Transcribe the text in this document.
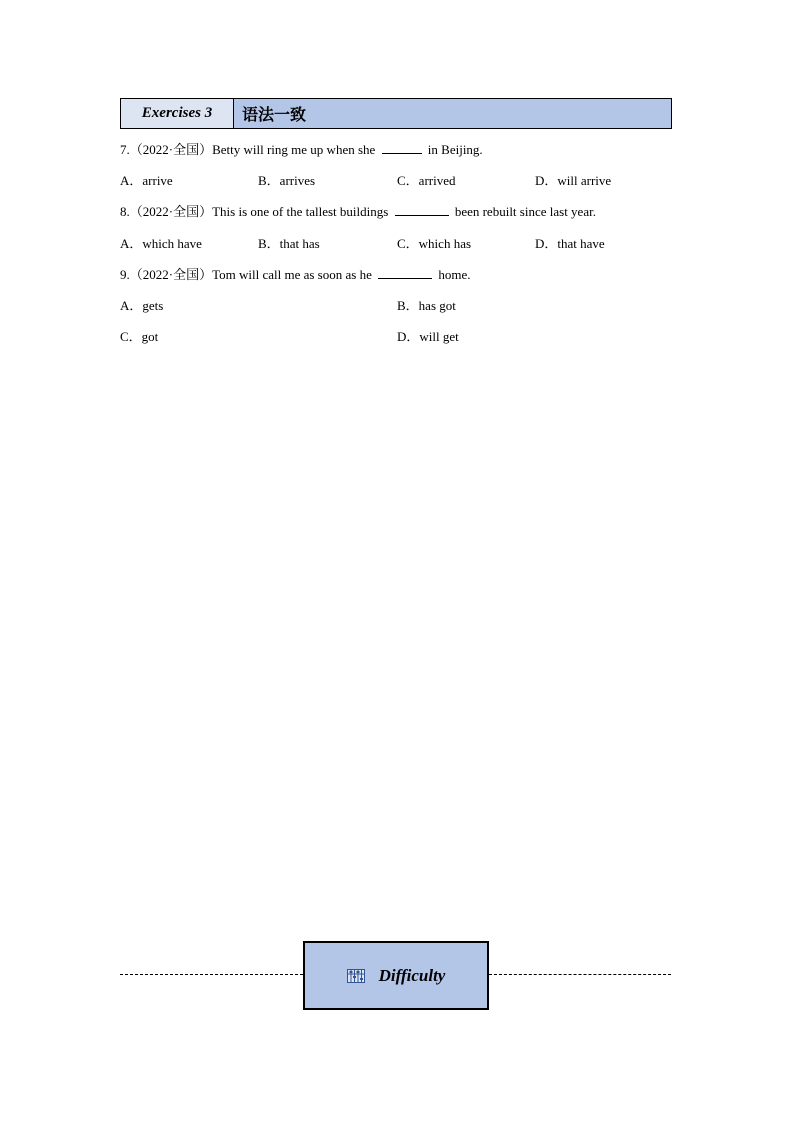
Exercises 3	语法一致
7.（2022·全国）Betty will ring me up when she	in Beijing.
A．arrive	B．arrives	C．arrived	D．will arrive
8.（2022·全国）This is one of the tallest buildings	been rebuilt since last year.
A．which have	B．that has	C．which has	D．that have
9.（2022·全国）Tom will call me as soon as he	home.
A．gets	B．has got
C．got	D．will get
Difficulty
